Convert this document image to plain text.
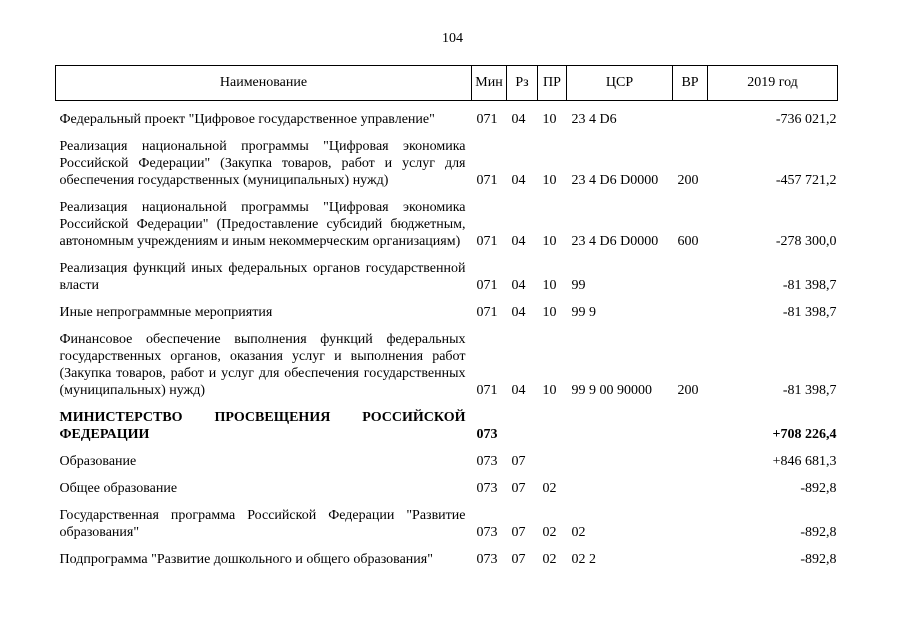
104
Наименование	Мин	Рз	ПР	ЦСР	ВР	2019 год

Федеральный проект "Цифровое государственное управление"	071	04	10	23 4 D6		-736 021,2

Реализация национальной программы "Цифровая экономика Российской Федерации" (Закупка товаров, работ и услуг для обеспечения государственных (муниципальных) нужд)	071	04	10	23 4 D6 D0000	200	-457 721,2

Реализация национальной программы "Цифровая экономика Российской Федерации" (Предоставление субсидий бюджетным, автономным учреждениям и иным некоммерческим организациям)	071	04	10	23 4 D6 D0000	600	-278 300,0

Реализация функций иных федеральных органов государственной власти	071	04	10	99		-81 398,7

Иные непрограммные мероприятия	071	04	10	99 9		-81 398,7

Финансовое обеспечение выполнения функций федеральных государственных органов, оказания услуг и выполнения работ (Закупка товаров, работ и услуг для обеспечения государственных (муниципальных) нужд)	071	04	10	99 9 00 90000	200	-81 398,7

МИНИСТЕРСТВО ПРОСВЕЩЕНИЯ РОССИЙСКОЙ ФЕДЕРАЦИИ	073					+708 226,4

Образование	073	07				+846 681,3

Общее образование	073	07	02			-892,8

Государственная программа Российской Федерации "Развитие образования"	073	07	02	02		-892,8

Подпрограмма "Развитие дошкольного и общего образования"	073	07	02	02 2		-892,8
